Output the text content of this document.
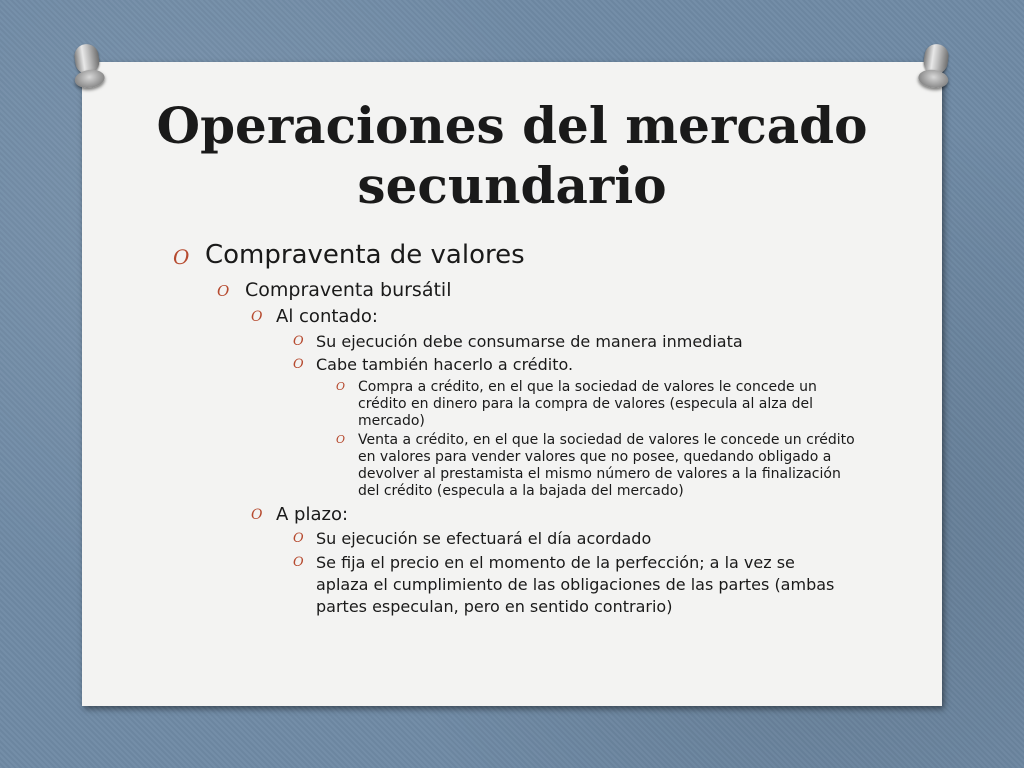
Operaciones del mercado secundario
O Compraventa de valores
O Compraventa bursátil
O Al contado:
O Su ejecución debe consumarse de manera inmediata
O Cabe también hacerlo a crédito.
O Compra a crédito, en el que la sociedad de valores le concede un crédito en dinero para la compra de valores (especula al alza del mercado)
O Venta a crédito, en el que la sociedad de valores le concede un crédito en valores para vender valores que no posee, quedando obligado a devolver al prestamista el mismo número de valores a la finalización del crédito (especula a la bajada del mercado)
O A plazo:
O Su ejecución se efectuará el día acordado
O Se fija el precio en el momento de la perfección; a la vez se aplaza el cumplimiento de las obligaciones de las partes (ambas partes especulan, pero en sentido contrario)
